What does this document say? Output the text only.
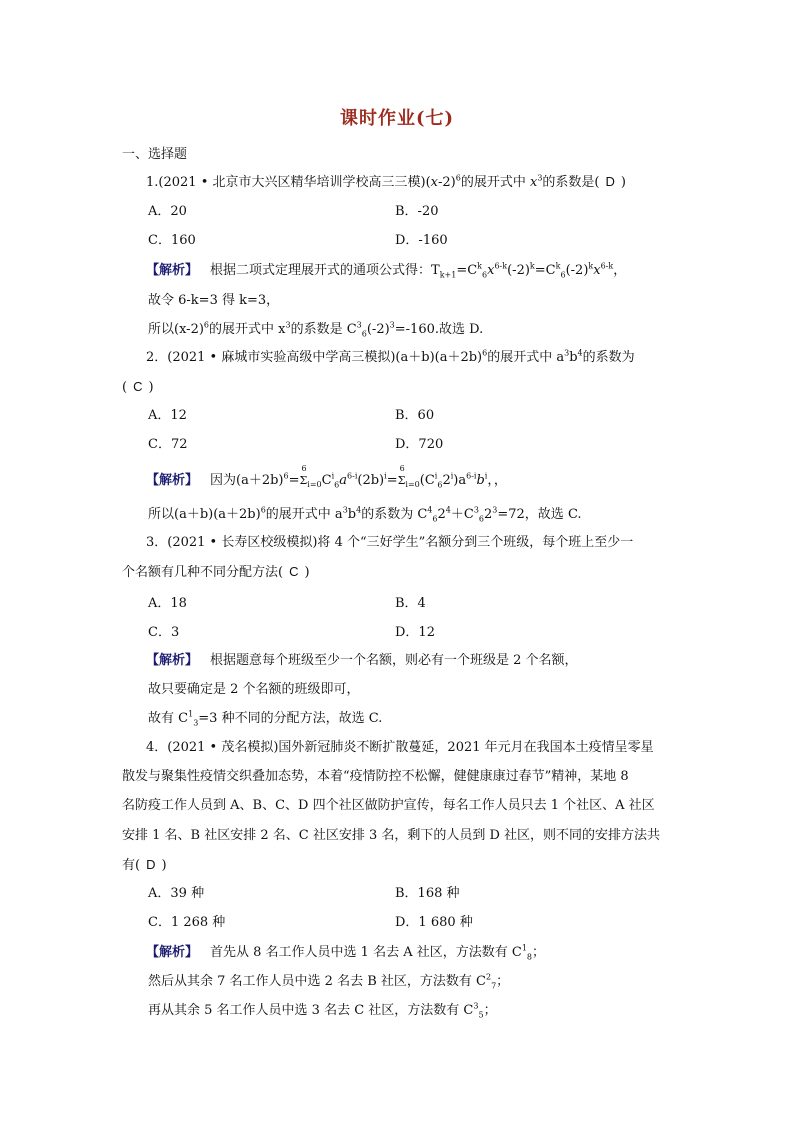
课时作业(七)
一、选择题
1.(2021 • 北京市大兴区精华培训学校高三三模)$(x-2)^6$的展开式中 $x^3$的系数是( D )
A．20	B．-20
C．160	D．-160
【解析】 根据二项式定理展开式的通项公式得：$T_{k+1}=C^k_6x^{6-k}(-2)^k=C^k_6(-2)^kx^{6-k}$，
故令 6-k=3 得 k=3，
所以$(x-2)^6$的展开式中 $x^3$的系数是 $C^3_6(-2)^3=-160$.故选 D.
2．(2021 • 麻城市实验高级中学高三模拟)$(a+b)(a+2b)^6$的展开式中 $a^3b^4$的系数为
( C )
A．12	B．60
C．72	D．720
【解析】 因为$(a+2b)^6=$
6
$\Sigma_{i=0}C^i_6a^{6-i}(2b)^i=$
6
$\Sigma_{i=0}(C^i_62^i)a^{6-i}b^i$，，
所以$(a+b)(a+2b)^6$的展开式中 $a^3b^4$的系数为 $C^4_62^4+C^3_62^3=72$，故选 C.
3．(2021 • 长寿区校级模拟)将 4 个“三好学生”名额分到三个班级，每个班上至少一
个名额有几种不同分配方法( C )
A．18	B．4
C．3	D．12
【解析】 根据题意每个班级至少一个名额，则必有一个班级是 2 个名额，
故只要确定是 2 个名额的班级即可，
故有 $C^1_3=3$ 种不同的分配方法，故选 C.
4．(2021 • 茂名模拟)国外新冠肺炎不断扩散蔓延，2021 年元月在我国本土疫情呈零星
散发与聚集性疫情交织叠加态势，本着“疫情防控不松懈，健健康康过春节”精神，某地 8
名防疫工作人员到 A、B、C、D 四个社区做防护宣传，每名工作人员只去 1 个社区、A 社区
安排 1 名、B 社区安排 2 名、C 社区安排 3 名，剩下的人员到 D 社区，则不同的安排方法共
有( D )
A．39 种	B．168 种
C．1 268 种	D．1 680 种
【解析】 首先从 8 名工作人员中选 1 名去 A 社区，方法数有 $C^1_8$；
然后从其余 7 名工作人员中选 2 名去 B 社区，方法数有 $C^2_7$；
再从其余 5 名工作人员中选 3 名去 C 社区，方法数有 $C^3_5$；
